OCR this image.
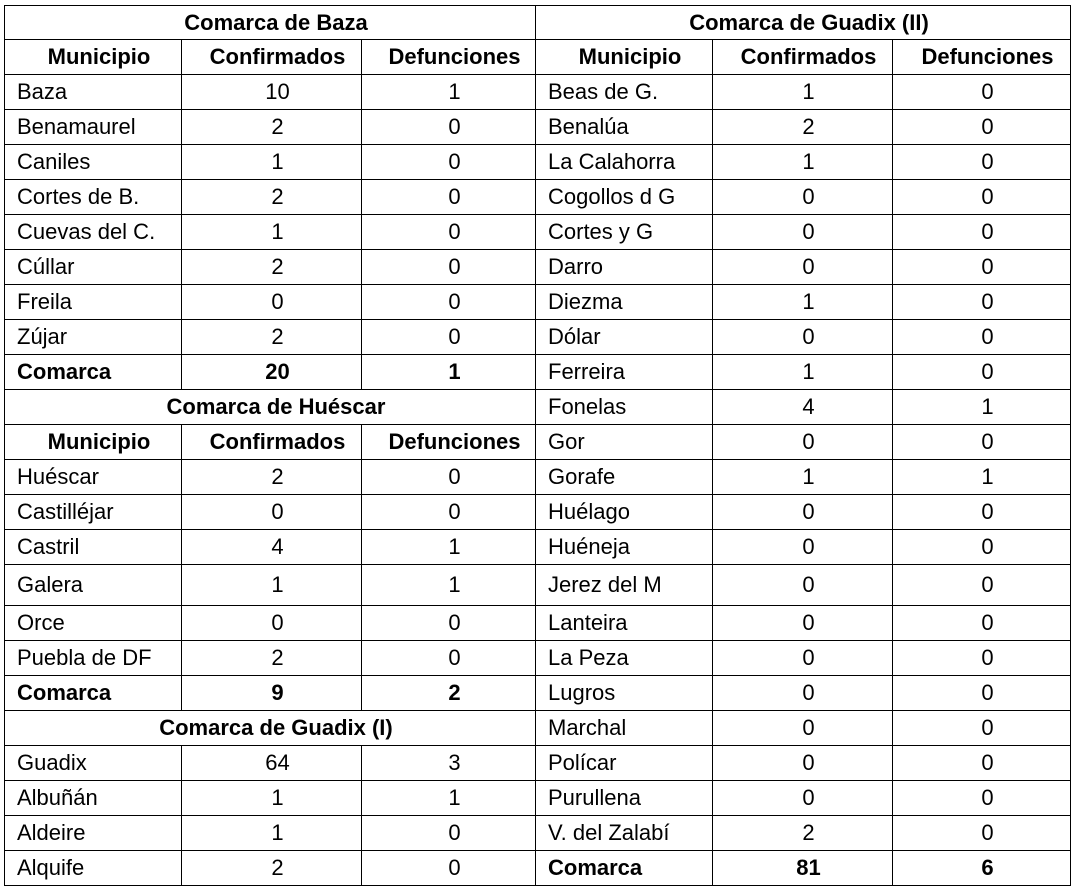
Comarca de Baza			Comarca de Guadix (II)		
Municipio	Confirmados	Defunciones	Municipio	Confirmados	Defunciones
Baza	10	1	Beas de G.	1	0
Benamaurel	2	0	Benalúa	2	0
Caniles	1	0	La Calahorra	1	0
Cortes de B.	2	0	Cogollos d G	0	0
Cuevas del C.	1	0	Cortes y G	0	0
Cúllar	2	0	Darro	0	0
Freila	0	0	Diezma	1	0
Zújar	2	0	Dólar	0	0
Comarca	20	1	Ferreira	1	0
Comarca de Huéscar			Fonelas	4	1
Municipio	Confirmados	Defunciones	Gor	0	0
Huéscar	2	0	Gorafe	1	1
Castilléjar	0	0	Huélago	0	0
Castril	4	1	Huéneja	0	0
Galera	1	1	Jerez del M	0	0
Orce	0	0	Lanteira	0	0
Puebla de DF	2	0	La Peza	0	0
Comarca	9	2	Lugros	0	0
Comarca de Guadix (I)			Marchal	0	0
Guadix	64	3	Polícar	0	0
Albuñán	1	1	Purullena	0	0
Aldeire	1	0	V. del Zalabí	2	0
Alquife	2	0	Comarca	81	6
